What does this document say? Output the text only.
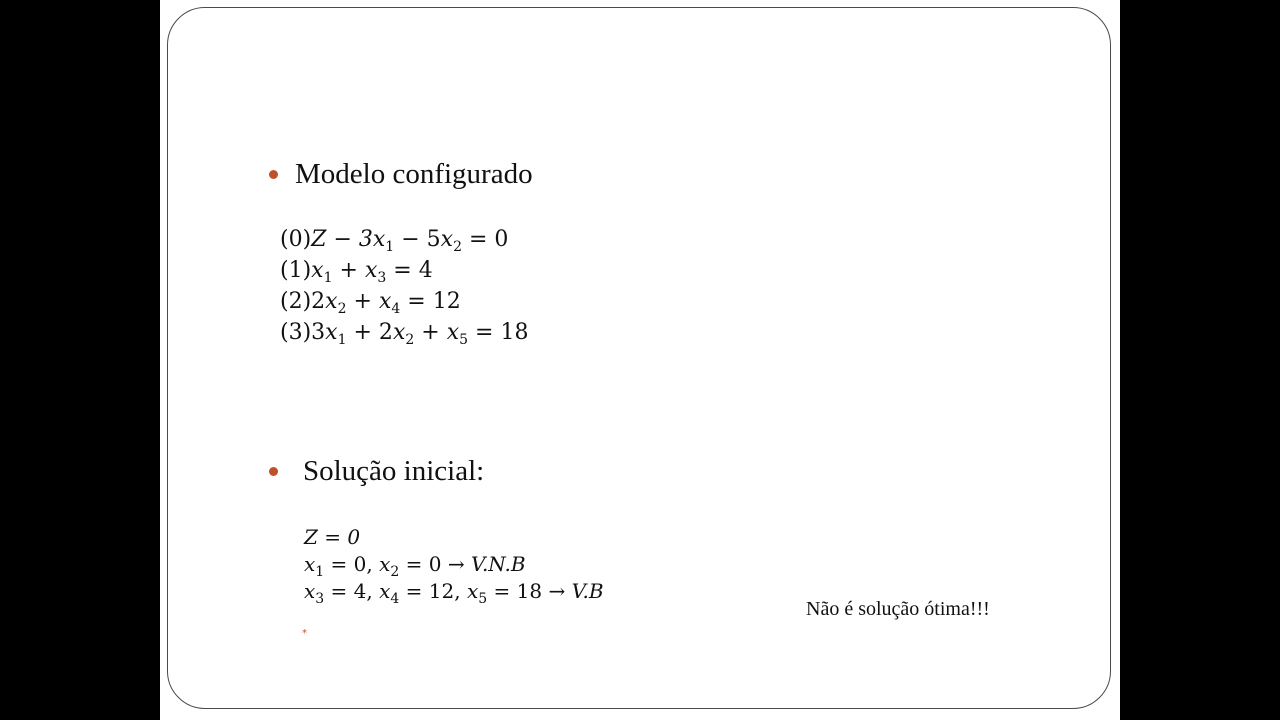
Modelo configurado
$(0)Z - 3x_1 - 5x_2 = 0$
$(1)x_1 + x_3 = 4$
$(2)2x_2 + x_4 = 12$
$(3)3x_1 + 2x_2 + x_5 = 18$
Solução inicial:
Z = 0
$x_1 = 0$, $x_2 = 0 \to V.N.B$
$x_3 = 4$, $x_4 = 12$, $x_5 = 18 \to V.B$
*
Não é solução ótima!!!
